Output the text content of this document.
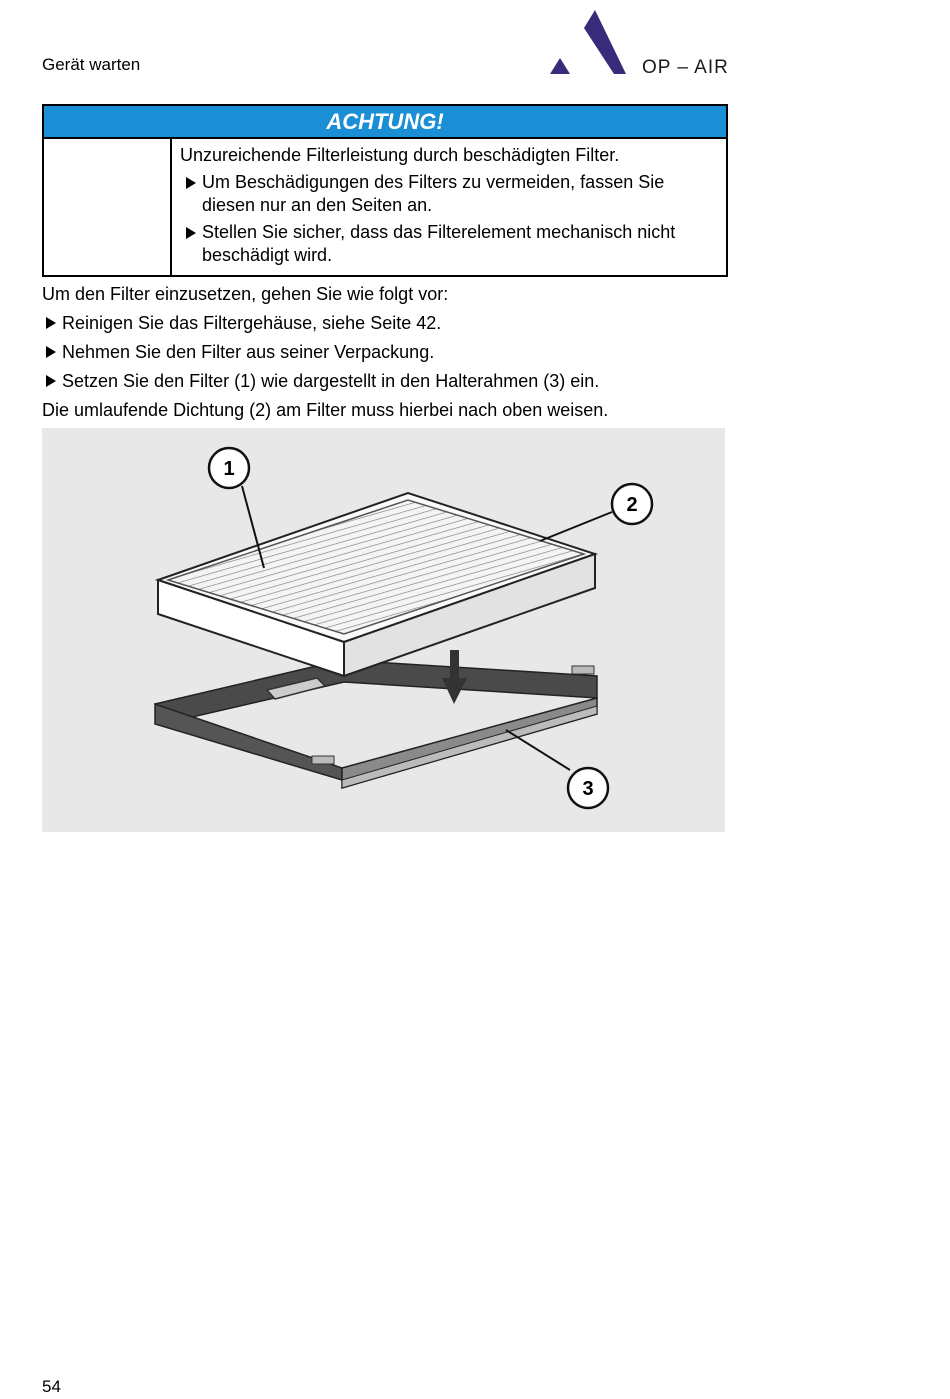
Gerät warten	OP – AIR
ACHTUNG!

Unzureichende Filterleistung durch beschädigten Filter.

Um Beschädigungen des Filters zu vermeiden, fassen Sie diesen nur an den Seiten an.
Stellen Sie sicher, dass das Filterelement mechanisch nicht beschädigt wird.
Um den Filter einzusetzen, gehen Sie wie folgt vor:
Reinigen Sie das Filtergehäuse, siehe Seite 42.
Nehmen Sie den Filter aus seiner Verpackung.
Setzen Sie den Filter (1) wie dargestellt in den Halterahmen (3) ein.
Die umlaufende Dichtung (2) am Filter muss hierbei nach oben weisen.
1
2
3
54
